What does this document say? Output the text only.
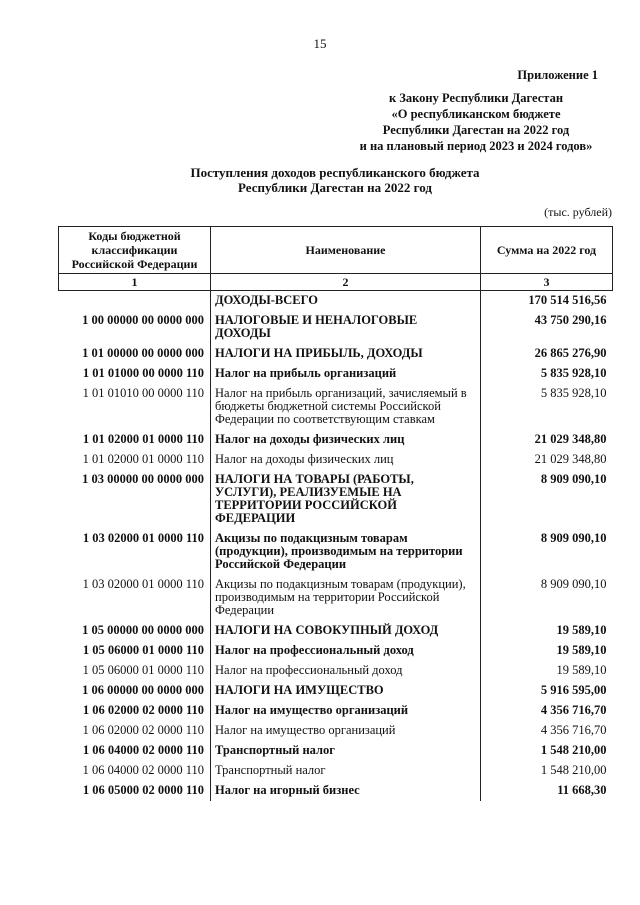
15
Приложение 1
к Закону Республики Дагестан
«О республиканском бюджете
Республики Дагестан на 2022 год
и на плановый период 2023 и 2024 годов»
Поступления доходов республиканского бюджета
Республики Дагестан на 2022 год
(тыс. рублей)
Коды бюджетной классификации Российской Федерации	Наименование	Сумма на 2022 год
1	2	3
	ДОХОДЫ-ВСЕГО	170 514 516,56
1 00 00000 00 0000 000	НАЛОГОВЫЕ И НЕНАЛОГОВЫЕ ДОХОДЫ	43 750 290,16
1 01 00000 00 0000 000	НАЛОГИ НА ПРИБЫЛЬ, ДОХОДЫ	26 865 276,90
1 01 01000 00 0000 110	Налог на прибыль организаций	5 835 928,10
1 01 01010 00 0000 110	Налог на прибыль организаций, зачисляемый в бюджеты бюджетной системы Российской Федерации по соответствующим ставкам	5 835 928,10
1 01 02000 01 0000 110	Налог на доходы физических лиц	21 029 348,80
1 01 02000 01 0000 110	Налог на доходы физических лиц	21 029 348,80
1 03 00000 00 0000 000	НАЛОГИ НА ТОВАРЫ (РАБОТЫ, УСЛУГИ), РЕАЛИЗУЕМЫЕ НА ТЕРРИТОРИИ РОССИЙСКОЙ ФЕДЕРАЦИИ	8 909 090,10
1 03 02000 01 0000 110	Акцизы по подакцизным товарам (продукции), производимым на территории Российской Федерации	8 909 090,10
1 03 02000 01 0000 110	Акцизы по подакцизным товарам (продукции), производимым на территории Российской Федерации	8 909 090,10
1 05 00000 00 0000 000	НАЛОГИ НА СОВОКУПНЫЙ ДОХОД	19 589,10
1 05 06000 01 0000 110	Налог на профессиональный доход	19 589,10
1 05 06000 01 0000 110	Налог на профессиональный доход	19 589,10
1 06 00000 00 0000 000	НАЛОГИ НА ИМУЩЕСТВО	5 916 595,00
1 06 02000 02 0000 110	Налог на имущество организаций	4 356 716,70
1 06 02000 02 0000 110	Налог на имущество организаций	4 356 716,70
1 06 04000 02 0000 110	Транспортный налог	1 548 210,00
1 06 04000 02 0000 110	Транспортный налог	1 548 210,00
1 06 05000 02 0000 110	Налог на игорный бизнес	11 668,30
